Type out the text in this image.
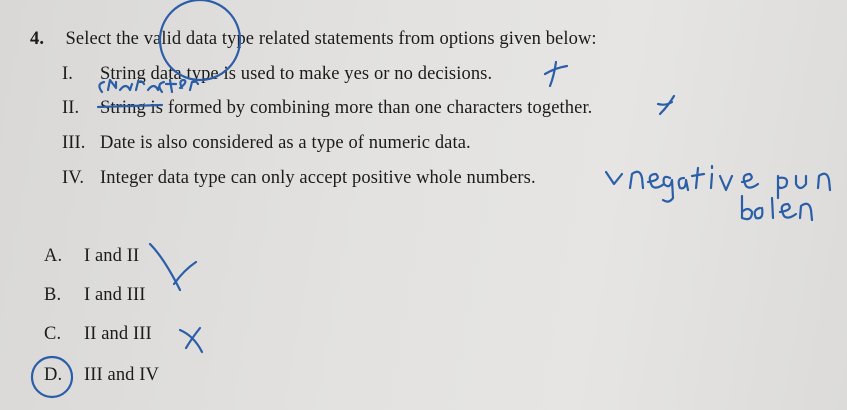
4. Select the valid data type related statements from options given below:
I. String data type is used to make yes or no decisions.
II. String is formed by combining more than one characters together.
III. Date is also considered as a type of numeric data.
IV. Integer data type can only accept positive whole numbers.
A. I and II
B. I and III
C. II and III
D. III and IV
